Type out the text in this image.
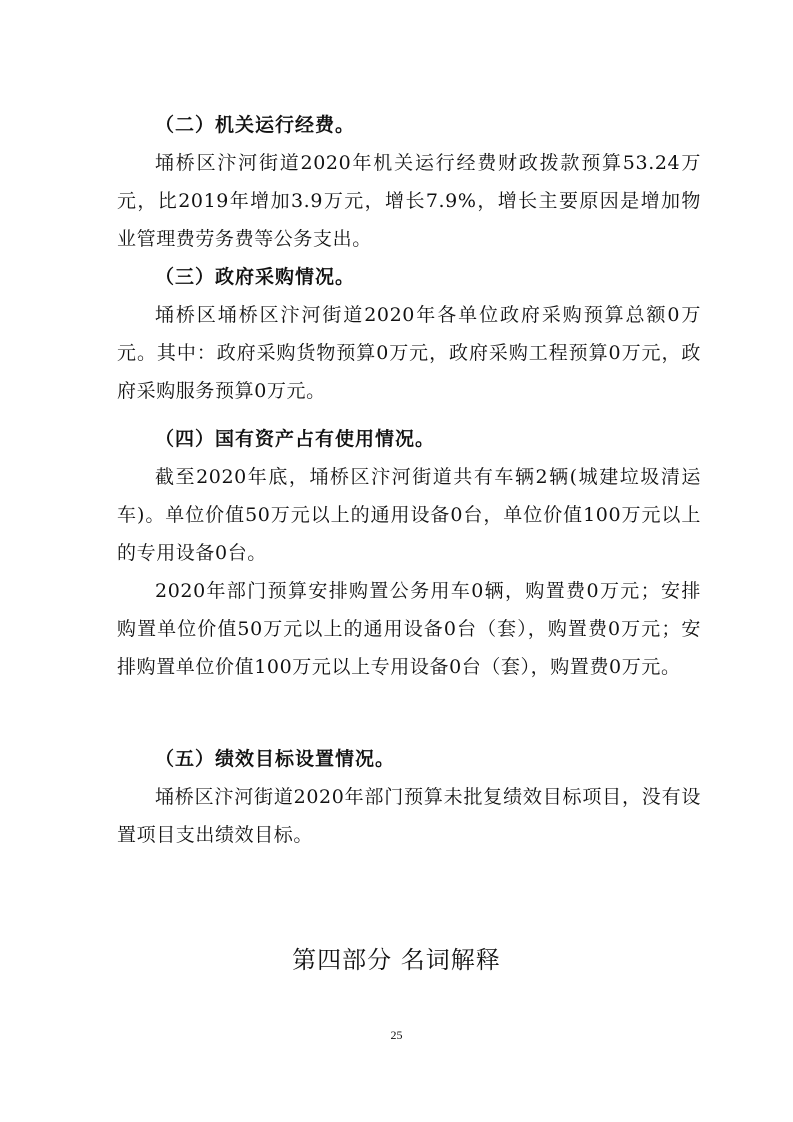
（二）机关运行经费。

埇桥区汴河街道2020年机关运行经费财政拨款预算53.24万元，比2019年增加3.9万元，增长7.9%，增长主要原因是增加物业管理费劳务费等公务支出。

（三）政府采购情况。

埇桥区埇桥区汴河街道2020年各单位政府采购预算总额0万元。其中：政府采购货物预算0万元，政府采购工程预算0万元，政府采购服务预算0万元。

（四）国有资产占有使用情况。

截至2020年底，埇桥区汴河街道共有车辆2辆(城建垃圾清运车)。单位价值50万元以上的通用设备0台，单位价值100万元以上的专用设备0台。

2020年部门预算安排购置公务用车0辆，购置费0万元；安排购置单位价值50万元以上的通用设备0台（套），购置费0万元；安排购置单位价值100万元以上专用设备0台（套），购置费0万元。

（五）绩效目标设置情况。

埇桥区汴河街道2020年部门预算未批复绩效目标项目，没有设置项目支出绩效目标。

第四部分 名词解释

25
